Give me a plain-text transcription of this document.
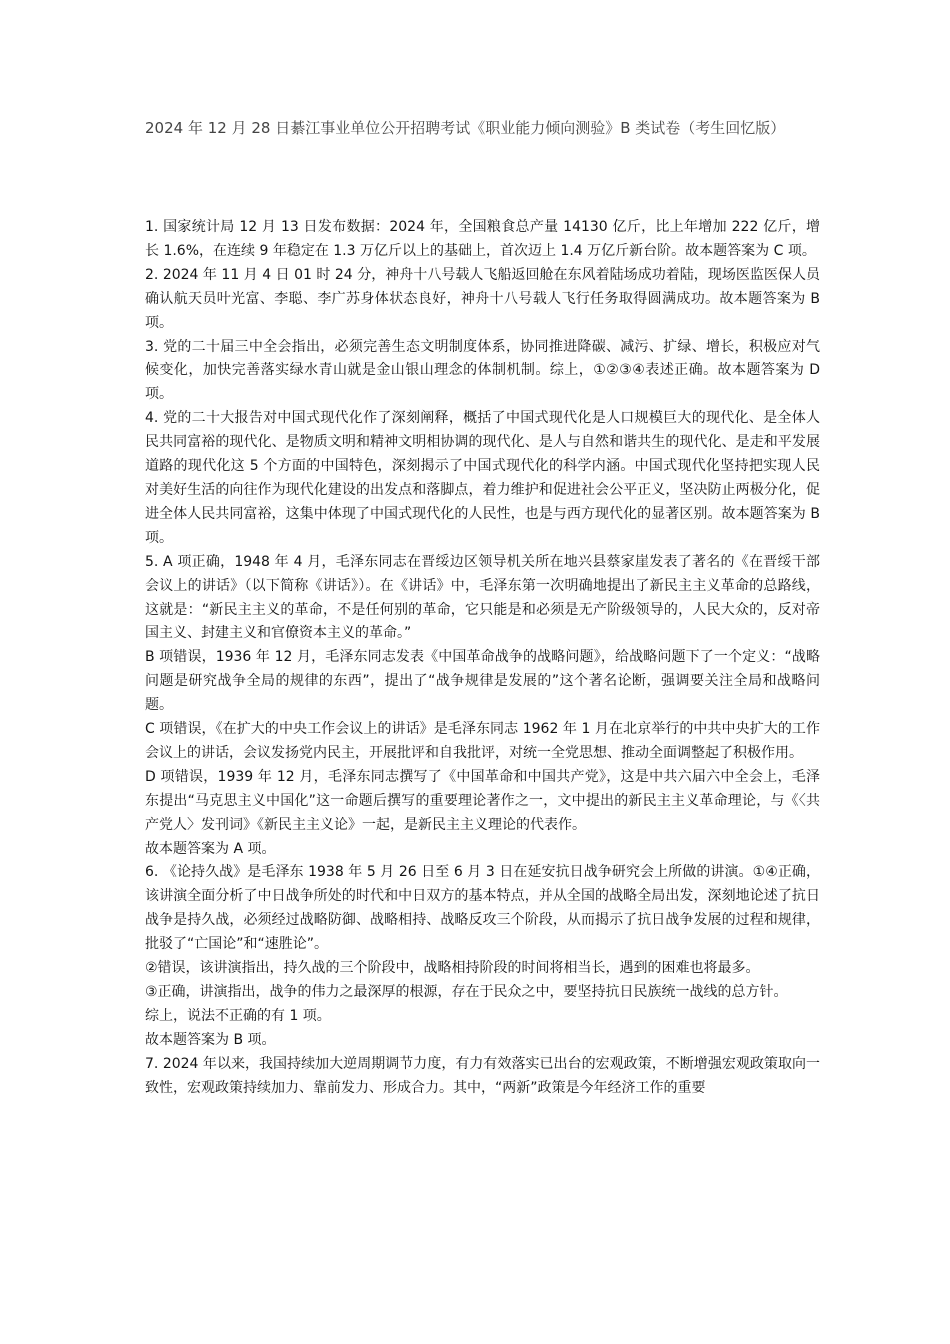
2024 年 12 月 28 日綦江事业单位公开招聘考试《职业能力倾向测验》B 类试卷（考生回忆版）

1. 国家统计局 12 月 13 日发布数据：2024 年，全国粮食总产量 14130 亿斤，比上年增加 222 亿斤，增长 1.6%，在连续 9 年稳定在 1.3 万亿斤以上的基础上，首次迈上 1.4 万亿斤新台阶。故本题答案为 C 项。

2. 2024 年 11 月 4 日 01 时 24 分，神舟十八号载人飞船返回舱在东风着陆场成功着陆，现场医监医保人员确认航天员叶光富、李聪、李广苏身体状态良好，神舟十八号载人飞行任务取得圆满成功。故本题答案为 B 项。

3. 党的二十届三中全会指出，必须完善生态文明制度体系，协同推进降碳、减污、扩绿、增长，积极应对气候变化，加快完善落实绿水青山就是金山银山理念的体制机制。综上，①②③④表述正确。故本题答案为 D 项。

4. 党的二十大报告对中国式现代化作了深刻阐释，概括了中国式现代化是人口规模巨大的现代化、是全体人民共同富裕的现代化、是物质文明和精神文明相协调的现代化、是人与自然和谐共生的现代化、是走和平发展道路的现代化这 5 个方面的中国特色，深刻揭示了中国式现代化的科学内涵。中国式现代化坚持把实现人民对美好生活的向往作为现代化建设的出发点和落脚点，着力维护和促进社会公平正义，坚决防止两极分化，促进全体人民共同富裕，这集中体现了中国式现代化的人民性，也是与西方现代化的显著区别。故本题答案为 B 项。

5. A 项正确，1948 年 4 月，毛泽东同志在晋绥边区领导机关所在地兴县蔡家崖发表了著名的《在晋绥干部会议上的讲话》（以下简称《讲话》）。在《讲话》中，毛泽东第一次明确地提出了新民主主义革命的总路线，这就是：“新民主主义的革命，不是任何别的革命，它只能是和必须是无产阶级领导的，人民大众的，反对帝国主义、封建主义和官僚资本主义的革命。”

B 项错误，1936 年 12 月，毛泽东同志发表《中国革命战争的战略问题》，给战略问题下了一个定义：“战略问题是研究战争全局的规律的东西”，提出了“战争规律是发展的”这个著名论断，强调要关注全局和战略问题。

C 项错误，《在扩大的中央工作会议上的讲话》是毛泽东同志 1962 年 1 月在北京举行的中共中央扩大的工作会议上的讲话，会议发扬党内民主，开展批评和自我批评，对统一全党思想、推动全面调整起了积极作用。

D 项错误，1939 年 12 月，毛泽东同志撰写了《中国革命和中国共产党》，这是中共六届六中全会上，毛泽东提出“马克思主义中国化”这一命题后撰写的重要理论著作之一，文中提出的新民主主义革命理论，与《〈共产党人〉发刊词》《新民主主义论》一起，是新民主主义理论的代表作。

故本题答案为 A 项。

6. 《论持久战》是毛泽东 1938 年 5 月 26 日至 6 月 3 日在延安抗日战争研究会上所做的讲演。①④正确，该讲演全面分析了中日战争所处的时代和中日双方的基本特点，并从全国的战略全局出发，深刻地论述了抗日战争是持久战，必须经过战略防御、战略相持、战略反攻三个阶段，从而揭示了抗日战争发展的过程和规律，批驳了“亡国论”和“速胜论”。

②错误，该讲演指出，持久战的三个阶段中，战略相持阶段的时间将相当长，遇到的困难也将最多。

③正确，讲演指出，战争的伟力之最深厚的根源，存在于民众之中，要坚持抗日民族统一战线的总方针。

综上，说法不正确的有 1 项。

故本题答案为 B 项。

7. 2024 年以来，我国持续加大逆周期调节力度，有力有效落实已出台的宏观政策，不断增强宏观政策取向一致性，宏观政策持续加力、靠前发力、形成合力。其中，“两新”政策是今年经济工作的重要
